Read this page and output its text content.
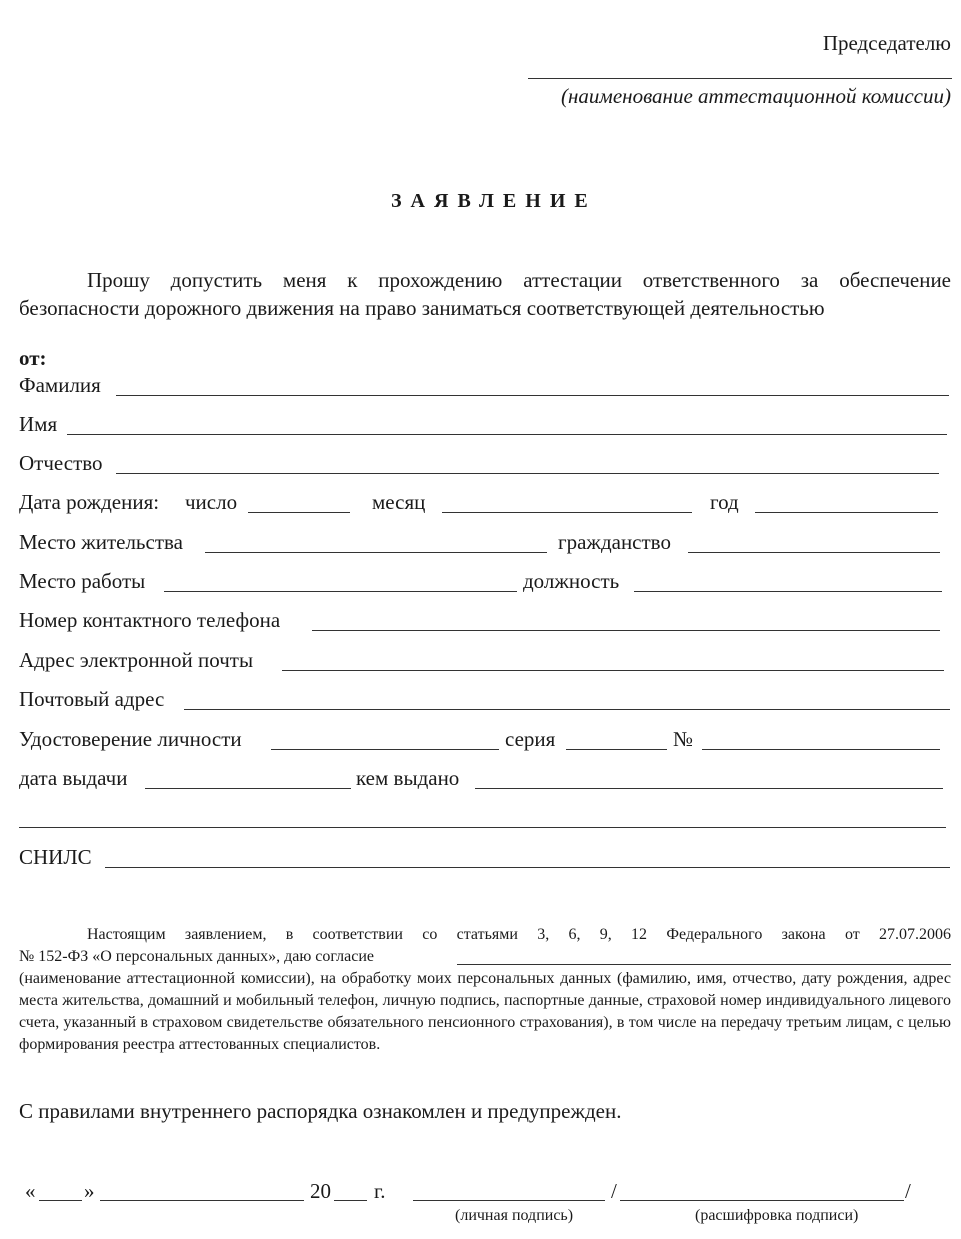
Председателю
(наименование аттестационной комиссии)
ЗАЯВЛЕНИЕ
Прошу допустить меня к прохождению аттестации ответственного за обеспечение безопасности дорожного движения на право заниматься соответствующей деятельностью
от:
Фамилия
Имя
Отчество
Дата рождения: число	месяц	год
Место жительства	гражданство
Место работы	должность
Номер контактного телефона
Адрес электронной почты
Почтовый адрес
Удостоверение личности	серия	№
дата выдачи	кем выдано
СНИЛС
Настоящим заявлением, в соответствии со статьями 3, 6, 9, 12 Федерального закона от 27.07.2006
№ 152-ФЗ «О персональных данных», даю согласие
(наименование аттестационной комиссии), на обработку моих персональных данных (фамилию, имя, отчество, дату рождения, адрес места жительства, домашний и мобильный телефон, личную подпись, паспортные данные, страховой номер индивидуального лицевого счета, указанный в страховом свидетельстве обязательного пенсионного страхования), в том числе на передачу третьим лицам, с целью формирования реестра аттестованных специалистов.
С правилами внутреннего распорядка ознакомлен и предупрежден.
« »	20 г.	/	/
(личная подпись)	(расшифровка подписи)
